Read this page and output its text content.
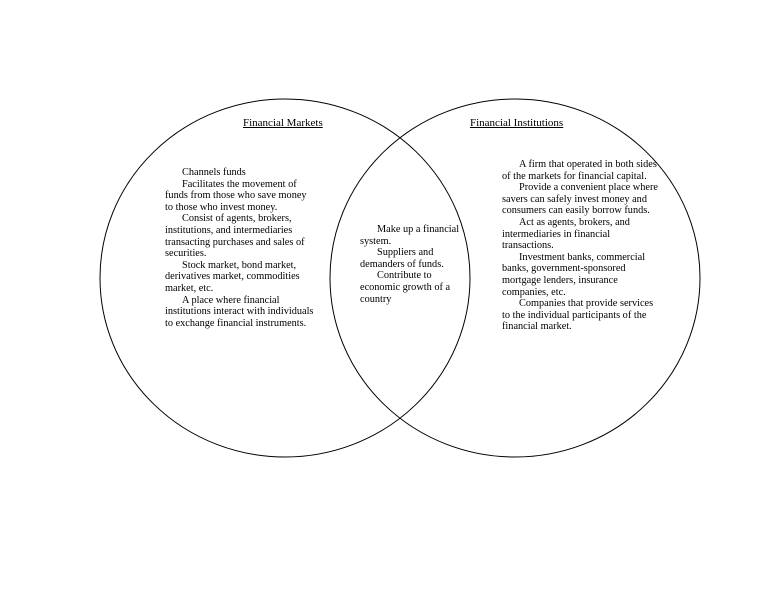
Financial Markets	Financial Institutions

Channels funds

Facilitates the movement of funds from those who save money to those who invest money.

Consist of agents, brokers, institutions, and intermediaries transacting purchases and sales of securities.

Stock market, bond market, derivatives market, commodities market, etc.

A place where financial institutions interact with individuals to exchange financial instruments.

Make up a financial system.

Suppliers and demanders of funds.

Contribute to economic growth of a country

A firm that operated in both sides of the markets for financial capital.

Provide a convenient place where savers can safely invest money and consumers can easily borrow funds.

Act as agents, brokers, and intermediaries in financial transactions.

Investment banks, commercial banks, government-sponsored mortgage lenders, insurance companies, etc.

Companies that provide services to the individual participants of the financial market.
